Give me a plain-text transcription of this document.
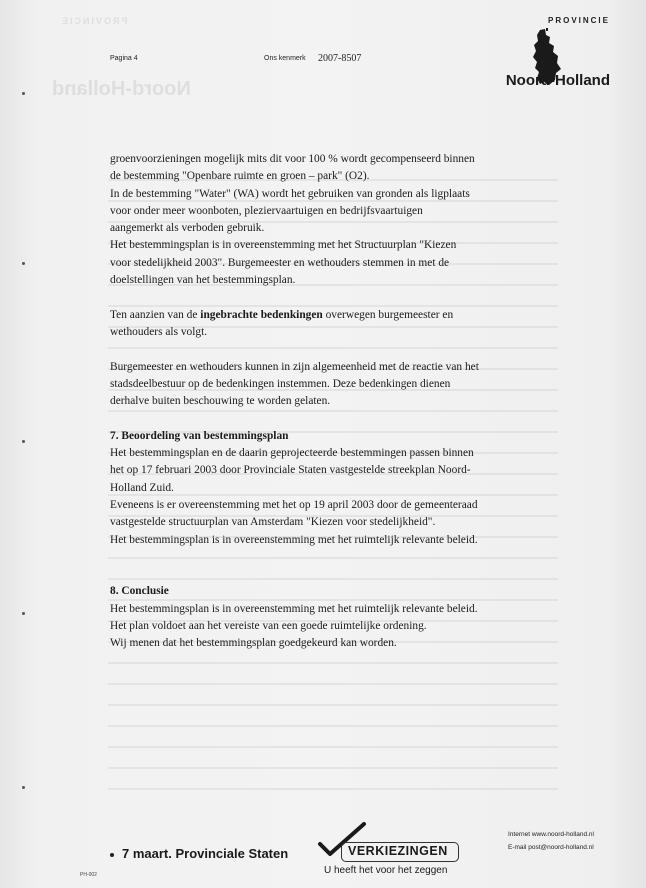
PROVINCIE
Noord-Holland
Pagina 4	Ons kenmerk 2007-8507
PROVINCIE
Noord-Holland
groenvoorzieningen mogelijk mits dit voor 100 % wordt gecompenseerd binnen
de bestemming "Openbare ruimte en groen – park" (O2).
In de bestemming "Water" (WA) wordt het gebruiken van gronden als ligplaats
voor onder meer woonboten, pleziervaartuigen en bedrijfsvaartuigen
aangemerkt als verboden gebruik.
Het bestemmingsplan is in overeenstemming met het Structuurplan "Kiezen
voor stedelijkheid 2003". Burgemeester en wethouders stemmen in met de
doelstellingen van het bestemmingsplan.
Ten aanzien van de ingebrachte bedenkingen overwegen burgemeester en
wethouders als volgt.
Burgemeester en wethouders kunnen in zijn algemeenheid met de reactie van het
stadsdeelbestuur op de bedenkingen instemmen. Deze bedenkingen dienen
derhalve buiten beschouwing te worden gelaten.
7. Beoordeling van bestemmingsplan
Het bestemmingsplan en de daarin geprojecteerde bestemmingen passen binnen
het op 17 februari 2003 door Provinciale Staten vastgestelde streekplan Noord-
Holland Zuid.
Eveneens is er overeenstemming met het op 19 april 2003 door de gemeenteraad
vastgestelde structuurplan van Amsterdam "Kiezen voor stedelijkheid".
Het bestemmingsplan is in overeenstemming met het ruimtelijk relevante beleid.
8. Conclusie
Het bestemmingsplan is in overeenstemming met het ruimtelijk relevante beleid.
Het plan voldoet aan het vereiste van een goede ruimtelijke ordening.
Wij menen dat het bestemmingsplan goedgekeurd kan worden.
7 maart. Provinciale Staten	VERKIEZINGEN
U heeft het voor het zeggen
Internet www.noord-holland.nl
E-mail post@noord-holland.nl
PH-002
